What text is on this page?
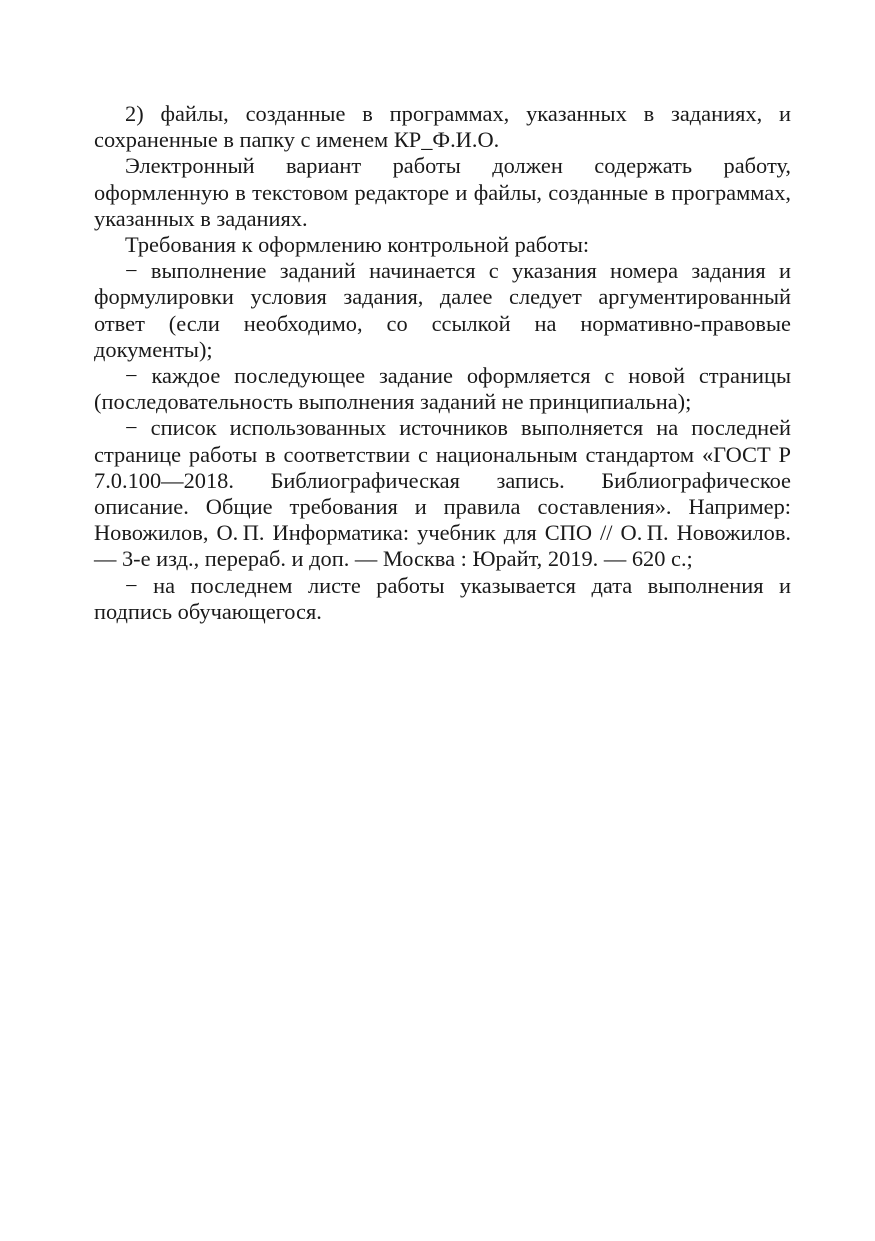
2) файлы, созданные в программах, указанных в заданиях, и сохраненные в папку с именем КР_Ф.И.О.

Электронный вариант работы должен содержать работу, оформленную в текстовом редакторе и файлы, созданные в программах, указанных в заданиях.

Требования к оформлению контрольной работы:

− выполнение заданий начинается с указания номера задания и формулировки условия задания, далее следует аргументированный ответ (если необходимо, со ссылкой на нормативно-правовые документы);

− каждое последующее задание оформляется с новой страницы (последовательность выполнения заданий не принципиальна);

− список использованных источников выполняется на последней странице работы в соответствии с национальным стандартом «ГОСТ Р 7.0.100—2018. Библиографическая запись. Библиографическое описание. Общие требования и правила составления». Например: Новожилов, О. П. Информатика: учебник для СПО // О. П. Новожилов. — 3-е изд., перераб. и доп. — Москва : Юрайт, 2019. — 620 с.;

− на последнем листе работы указывается дата выполнения и подпись обучающегося.
